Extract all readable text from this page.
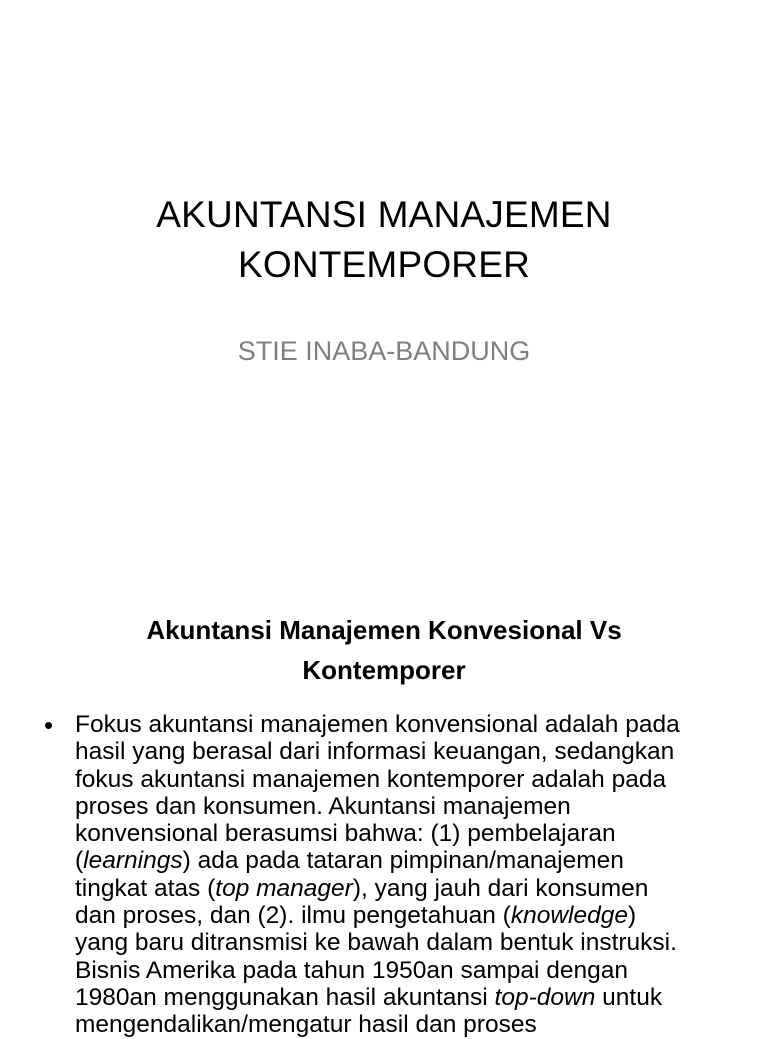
AKUNTANSI MANAJEMEN
KONTEMPORER
STIE INABA-BANDUNG
Akuntansi Manajemen Konvesional Vs
Kontemporer
• Fokus akuntansi manajemen konvensional adalah pada
hasil yang berasal dari informasi keuangan, sedangkan
fokus akuntansi manajemen kontemporer adalah pada
proses dan konsumen. Akuntansi manajemen
konvensional berasumsi bahwa: (1) pembelajaran
(learnings) ada pada tataran pimpinan/manajemen
tingkat atas (top manager), yang jauh dari konsumen
dan proses, dan (2). ilmu pengetahuan (knowledge)
yang baru ditransmisi ke bawah dalam bentuk instruksi.
Bisnis Amerika pada tahun 1950an sampai dengan
1980an menggunakan hasil akuntansi top-down untuk
mengendalikan/mengatur hasil dan proses
